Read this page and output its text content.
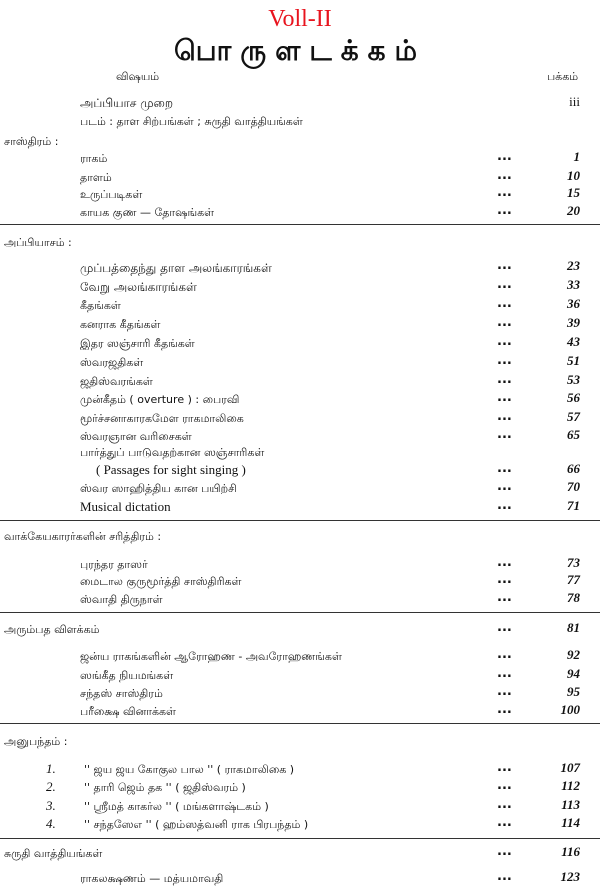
Voll-II
பொருளடக்கம்
விஷயம்	பக்கம்
அப்பியாச முறை	iii
படம் : தாள சிற்பங்கள் ; சுருதி வாத்தியங்கள்
சாஸ்திரம் :
ராகம்	...	1
தாளம்	...	10
உருப்படிகள்	...	15
காயக குண — தோஷங்கள்	...	20
அப்பியாசம் :
முப்பத்தைந்து தாள அலங்காரங்கள்	...	23
வேறு அலங்காரங்கள்	...	33
கீதங்கள்	...	36
கனராக கீதங்கள்	...	39
இதர ஸஞ்சாரி கீதங்கள்	...	43
ஸ்வரஜதிகள்	...	51
ஜதிஸ்வரங்கள்	...	53
முன்கீதம் ( overture ) : பைரவி	...	56
மூர்ச்சனாகாரகமேள ராகமாலிகை	...	57
ஸ்வரஞான வரிசைகள்	...	65
பார்த்துப் பாடுவதற்கான ஸஞ்சாரிகள்
( Passages for sight singing )	...	66
ஸ்வர ஸாஹித்திய கான பயிற்சி	...	70
Musical dictation	...	71
வாக்கேயகாரர்களின் சரித்திரம் :
புரந்தர தாஸர்	...	73
மைடால குருமூர்த்தி சாஸ்திரிகள்	...	77
ஸ்வாதி திருநாள்	...	78
அரும்பத விளக்கம்	...	81
ஜன்ய ராகங்களின் ஆரோஹண - அவரோஹணங்கள்	...	92
ஸங்கீத நியமங்கள்	...	94
சந்தஸ் சாஸ்திரம்	...	95
பரீக்ஷை வினாக்கள்	...	100
அனுபந்தம் :
1.	'' ஜய ஜய கோகுல பால '' ( ராகமாலிகை )	...	107
2.	'' தாரி ஜெம் தக '' ( ஜதிஸ்வரம் )	...	112
3.	'' ஸ்ரீமத் காகர்ல '' ( மங்களாஷ்டகம் )	...	113
4.	'' சந்தஸேஎ '' ( ஹம்ஸத்வனி ராக பிரபந்தம் )	...	114
சுருதி வாத்தியங்கள்	...	116
ராகலக்ஷணம் — மத்யமாவதி	...	123
